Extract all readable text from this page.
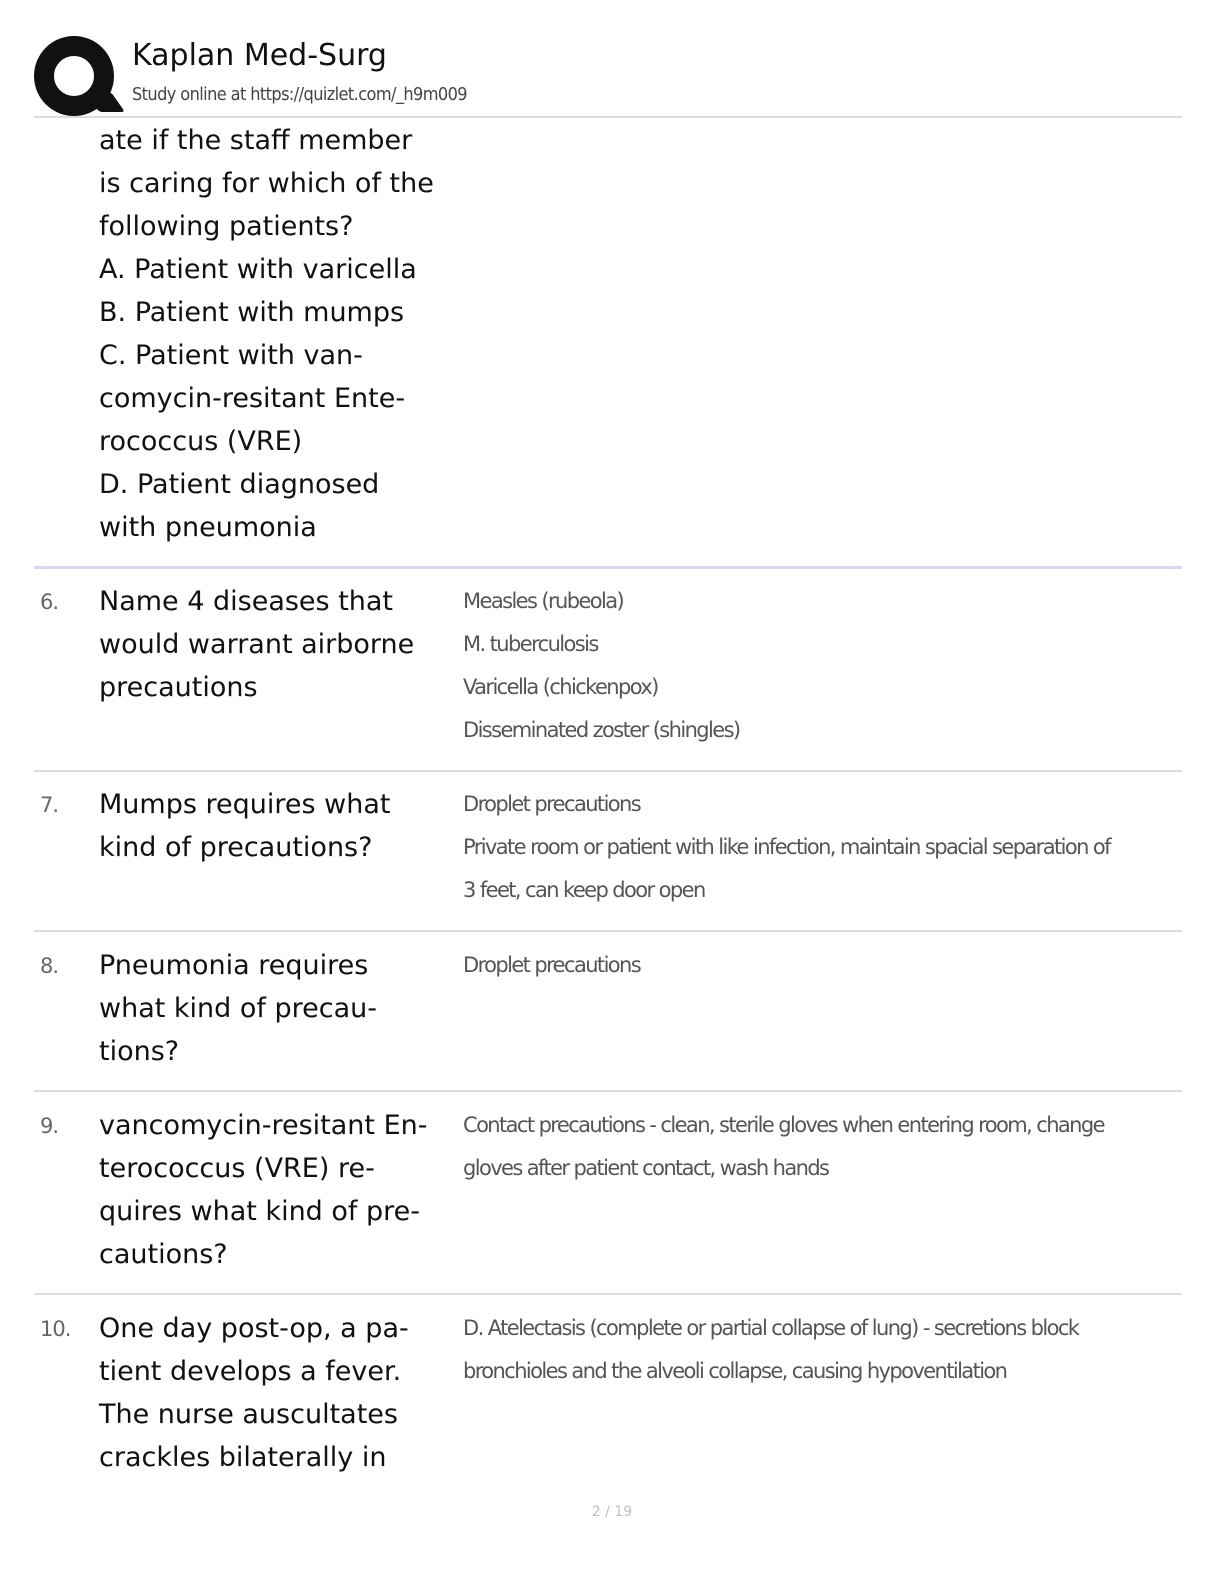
Kaplan Med-Surg
Study online at https://quizlet.com/_h9m009
ate if the staff member
is caring for which of the
following patients?
A. Patient with varicella
B. Patient with mumps
C. Patient with van-
comycin-resitant Ente-
rococcus (VRE)
D. Patient diagnosed
with pneumonia
6. Name 4 diseases that
would warrant airborne
precautions
Measles (rubeola)
M. tuberculosis
Varicella (chickenpox)
Disseminated zoster (shingles)
7. Mumps requires what
kind of precautions?
Droplet precautions
Private room or patient with like infection, maintain spacial separation of
3 feet, can keep door open
8. Pneumonia requires
what kind of precau-
tions?
Droplet precautions
9. vancomycin-resitant En-
terococcus (VRE) re-
quires what kind of pre-
cautions?
Contact precautions - clean, sterile gloves when entering room, change
gloves after patient contact, wash hands
10. One day post-op, a pa-
tient develops a fever.
The nurse auscultates
crackles bilaterally in
D. Atelectasis (complete or partial collapse of lung) - secretions block
bronchioles and the alveoli collapse, causing hypoventilation
2 / 19
